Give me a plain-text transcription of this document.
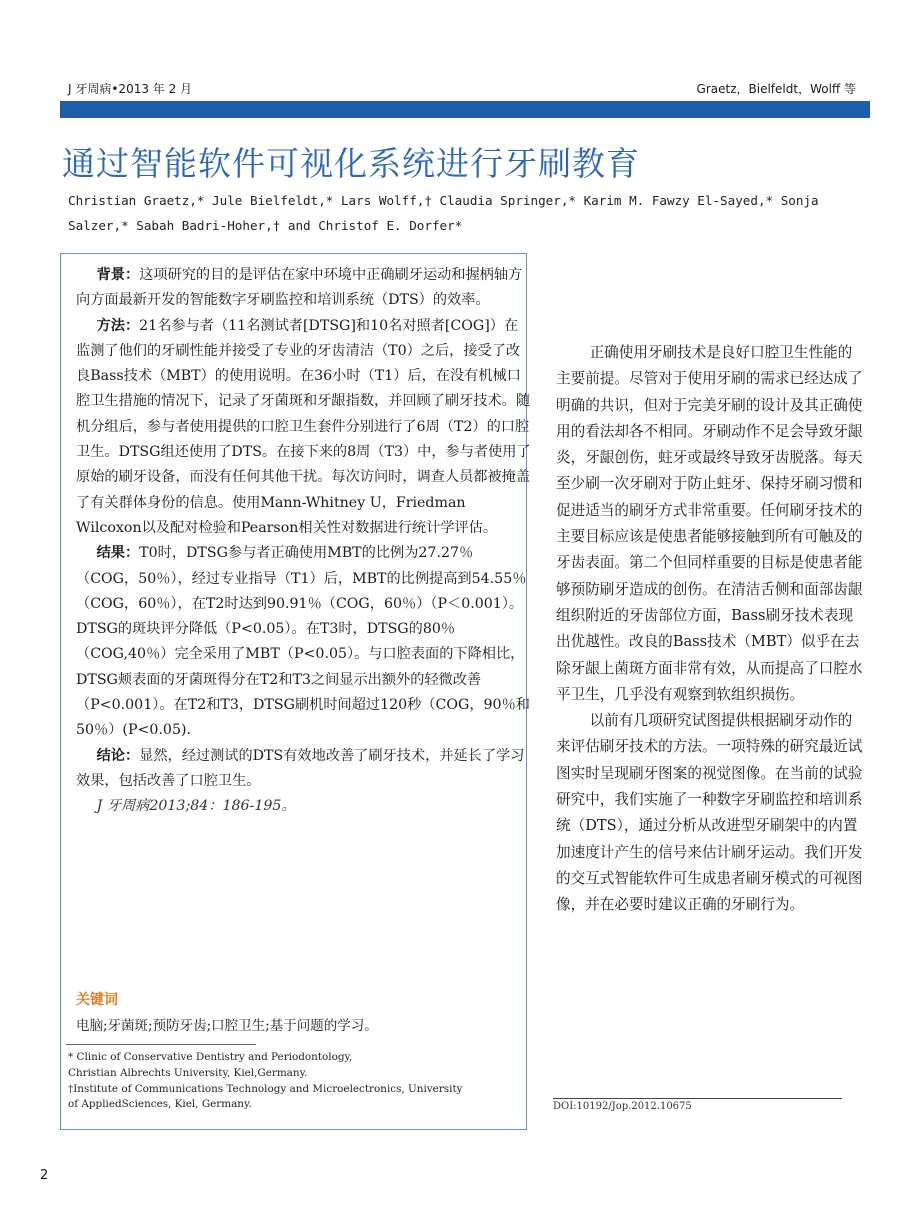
J 牙周病•2013 年 2 月	Graetz，Bielfeldt，Wolff 等
通过智能软件可视化系统进行牙刷教育
Christian Graetz,* Jule Bielfeldt,* Lars Wolff,† Claudia Springer,* Karim M. Fawzy El-Sayed,* Sonja Salzer,* Sabah Badri-Hoher,† and Christof E. Dorfer*

背景：这项研究的目的是评估在家中环境中正确刷牙运动和握柄轴方向方面最新开发的智能数字牙刷监控和培训系统（DTS）的效率。

方法：21名参与者（11名测试者[DTSG]和10名对照者[COG]）在监测了他们的牙刷性能并接受了专业的牙齿清洁（T0）之后，接受了改良Bass技术（MBT）的使用说明。在36小时（T1）后，在没有机械口腔卫生措施的情况下，记录了牙菌斑和牙龈指数，并回顾了刷牙技术。随机分组后，参与者使用提供的口腔卫生套件分别进行了6周（T2）的口腔卫生。DTSG组还使用了DTS。在接下来的8周（T3）中，参与者使用了原始的刷牙设备，而没有任何其他干扰。每次访问时，调查人员都被掩盖了有关群体身份的信息。使用Mann-Whitney U，Friedman Wilcoxon以及配对检验和Pearson相关性对数据进行统计学评估。

结果：T0时，DTSG参与者正确使用MBT的比例为27.27％（COG，50％），经过专业指导（T1）后，MBT的比例提高到54.55％（COG，60％），在T2时达到90.91％（COG，60％）（P＜0.001）。DTSG的斑块评分降低（P<0.05）。在T3时，DTSG的80％（COG,40％）完全采用了MBT（P<0.05）。与口腔表面的下降相比，DTSG颊表面的牙菌斑得分在T2和T3之间显示出额外的轻微改善（P<0.001）。在T2和T3，DTSG刷机时间超过120秒（COG，90％和50％）(P<0.05).

结论：显然，经过测试的DTS有效地改善了刷牙技术，并延长了学习效果，包括改善了口腔卫生。

J 牙周病2013;84：186-195。

关键词
电脑;牙菌斑;预防牙齿;口腔卫生;基于问题的学习。
* Clinic of Conservative Dentistry and Periodontology,
Christian Albrechts University, Kiel,Germany.
†Institute of Communications Technology and Microelectronics, University
of AppliedSciences, Kiel, Germany.

正确使用牙刷技术是良好口腔卫生性能的主要前提。尽管对于使用牙刷的需求已经达成了明确的共识，但对于完美牙刷的设计及其正确使用的看法却各不相同。牙刷动作不足会导致牙龈炎，牙龈创伤，蛀牙或最终导致牙齿脱落。每天至少刷一次牙刷对于防止蛀牙、保持牙刷习惯和促进适当的刷牙方式非常重要。任何刷牙技术的主要目标应该是使患者能够接触到所有可触及的牙齿表面。第二个但同样重要的目标是使患者能够预防刷牙造成的创伤。在清洁舌侧和面部齿龈组织附近的牙齿部位方面，Bass刷牙技术表现出优越性。改良的Bass技术（MBT）似乎在去除牙龈上菌斑方面非常有效，从而提高了口腔水平卫生，几乎没有观察到软组织损伤。

以前有几项研究试图提供根据刷牙动作的来评估刷牙技术的方法。一项特殊的研究最近试图实时呈现刷牙图案的视觉图像。在当前的试验研究中，我们实施了一种数字牙刷监控和培训系统（DTS），通过分析从改进型牙刷架中的内置加速度计产生的信号来估计刷牙运动。我们开发的交互式智能软件可生成患者刷牙模式的可视图像，并在必要时建议正确的牙刷行为。

DOI:10192/Jop.2012.10675
2
